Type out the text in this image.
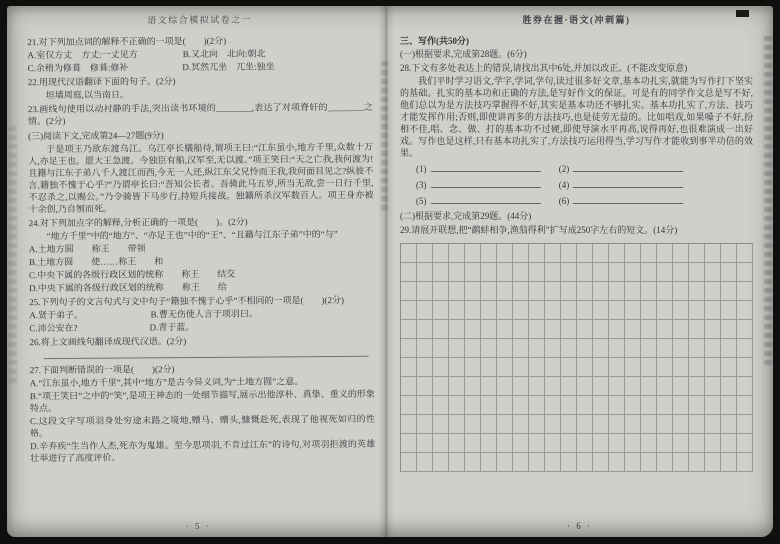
语文综合模拟试卷之一

21.对下列加点词的解释不正确的一项是(　　)(2分)

A.室仅方丈　方丈:一丈见方　　　　　B.又北向　北向:朝北

C.余稍为修葺　修葺:修补　　　　　　D.冥然兀坐　兀坐:独坐

22.用现代汉语翻译下面的句子。(2分)

垣墙周庭,以当南日。

23.画线句使用以动衬静的手法,突出读书环境的________,表达了对项脊轩的________之情。(2分)

(三)阅读下文,完成第24—27题(9分)

于是项王乃欲东渡乌江。乌江亭长檥船待,谓项王曰:“江东虽小,地方千里,众数十万人,亦足王也。愿大王急渡。今独臣有船,汉军至,无以渡。”项王笑曰:“天之亡我,我何渡为!且籍与江东子弟八千人渡江而西,今无一人还,纵江东父兄怜而王我,我何面目见之?纵彼不言,籍独不愧于心乎?”乃谓亭长曰:“吾知公长者。吾骑此马五岁,所当无敌,尝一日行千里,不忍杀之,以赐公。”乃令骑皆下马步行,持短兵接战。独籍所杀汉军数百人。项王身亦被十余创,乃自刎而死。

24.对下列加点字的解释,分析正确的一项是(　　)。(2分)

“地方千里”中的“地方”、“亦足王也”中的“王”、“且籍与江东子弟”中的“与”

A.土地方圆　　称王　　带领

B.土地方圆　　使……称王　　和

C.中央下属的各级行政区划的统称　　称王　　结交

D.中央下属的各级行政区划的统称　　称王　　给

25.下列句子的文言句式与文中句子“籍独不愧于心乎”不相同的一项是(　　)(2分)

A.贤于弟子。　　　　　　　　B.曹无伤使人言于项羽曰。

C.沛公安在?　　　　　　　　D.青于蓝。

26.将上文画线句翻译成现代汉语。(2分)

27.下面判断错误的一项是(　　)(2分)

A.“江东虽小,地方千里”,其中“地方”是古今异义词,为“土地方圆”之意。

B.“项王笑曰”之中的“笑”,是项王神态的一处细节描写,展示出他淳朴、真挚、重义的形象特点。

C.这段文字写项羽身处穷途末路之境地,赠马、赠头,慷慨赴死,表现了他视死如归的性格。

D.辛弃疾“生当作人杰,死亦为鬼雄。至今思项羽,不肯过江东”的诗句,对项羽拒渡的英雄壮举进行了高度评价。

· 5 ·
胜券在握·语文(冲刺篇)

三、写作(共50分)

(一)根据要求,完成第28题。(6分)

28.下文有多处表达上的错误,请找出其中6处,并加以改正。(不能改变原意)

我们平时学习语文,学字,学词,学句,读过很多好文章,基本功扎实,就能为写作打下坚实的基础。扎实的基本功和正确的方法,是写好作文的保证。可是有的同学作文总是写不好,他们总以为是方法技巧掌握得不好,其实是基本功还不够扎实。基本功扎实了,方法、技巧才能发挥作用;否则,即使讲再多的方法技巧,也是徒劳无益的。比如唱戏,如果嗓子不好,扮相不佳,唱、念、做、打的基本功不过硬,即使导演水平再高,说得再好,也很难演成一出好戏。写作也是这样,只有基本功扎实了,方法技巧运用得当,学习写作才能收到事半功倍的效果。

(1)	(2)
(3)	(4)
(5)	(6)

(二)根据要求,完成第29题。(44分)

29.请展开联想,把“鹬蚌相争,渔翁得利”扩写成250字左右的短文。(14分)

· 6 ·
